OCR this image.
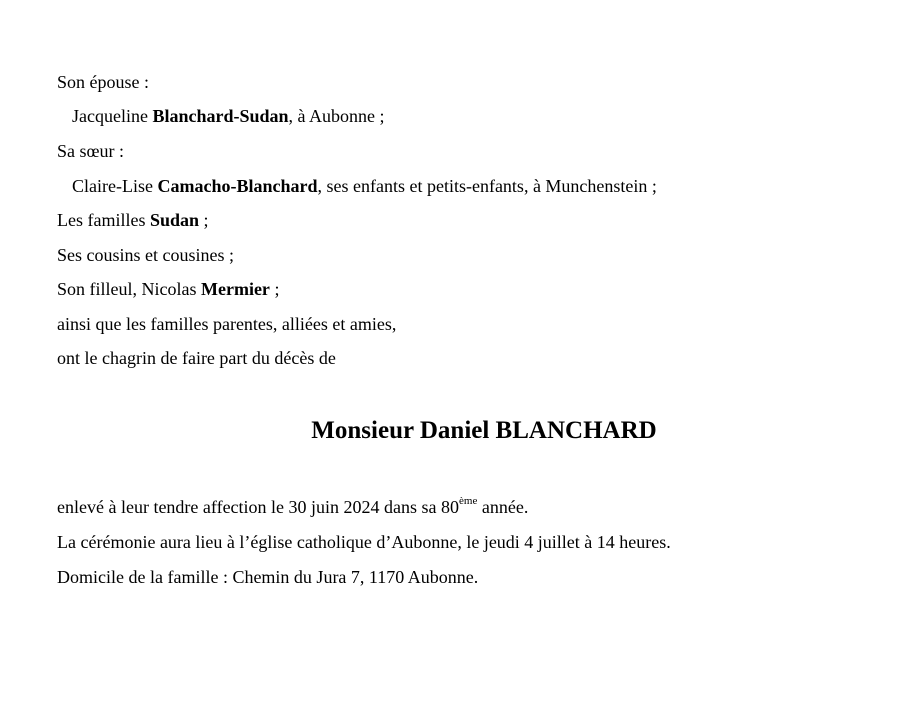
Son épouse :
Jacqueline Blanchard-Sudan, à Aubonne ;
Sa sœur :
Claire-Lise Camacho-Blanchard, ses enfants et petits-enfants, à Munchenstein ;
Les familles Sudan ;
Ses cousins et cousines ;
Son filleul, Nicolas Mermier ;
ainsi que les familles parentes, alliées et amies,
ont le chagrin de faire part du décès de
Monsieur Daniel BLANCHARD
enlevé à leur tendre affection le 30 juin 2024 dans sa 80ème année.
La cérémonie aura lieu à l’église catholique d’Aubonne, le jeudi 4 juillet à 14 heures.
Domicile de la famille : Chemin du Jura 7, 1170 Aubonne.
